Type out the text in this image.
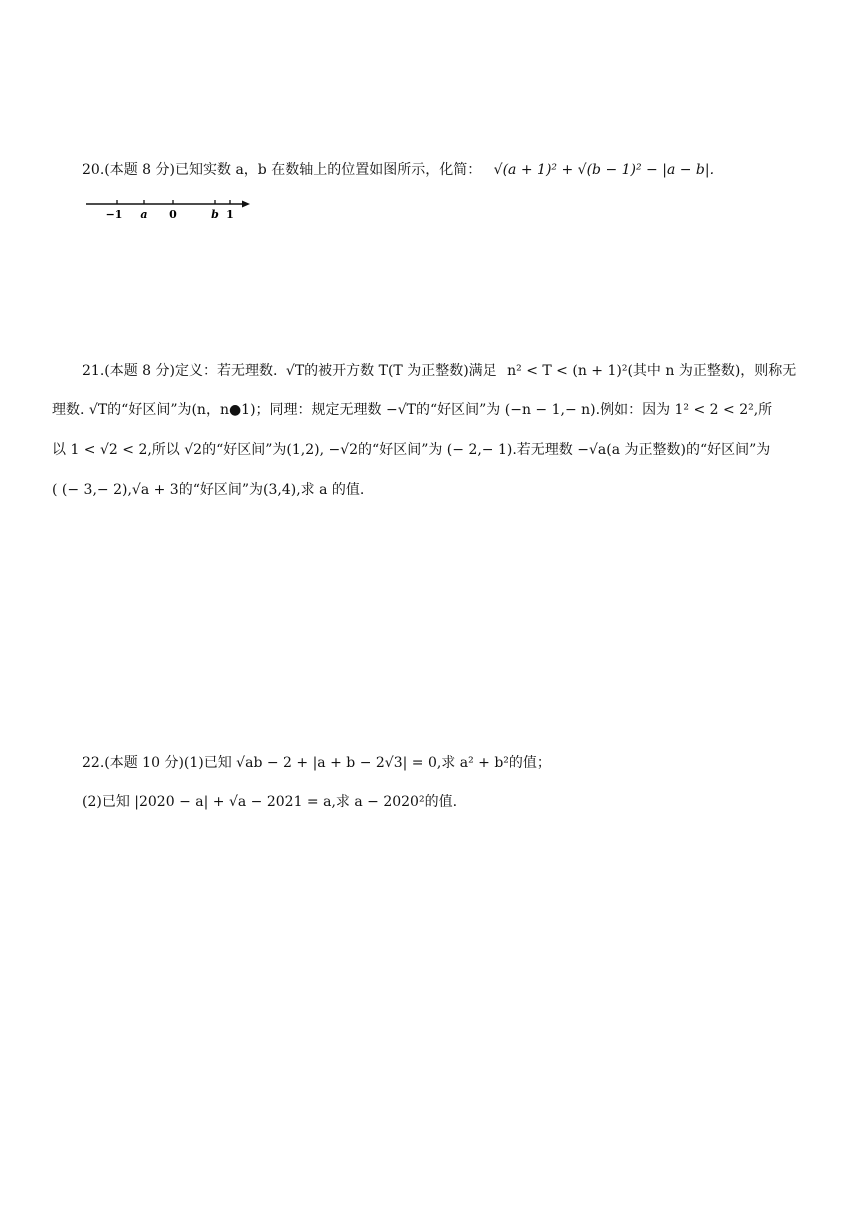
20.(本题 8 分)已知实数 a，b 在数轴上的位置如图所示，化简： √(a + 1)² + √(b − 1)² − |a − b|.
−1 a 0	b 1
21.(本题 8 分)定义：若无理数. √T的被开方数 T(T 为正整数)满足 n² < T < (n + 1)²(其中 n 为正整数)，则称无
理数. √T的“好区间”为(n，n●1)；同理：规定无理数 −√T的“好区间”为 (−n − 1,− n).例如：因为 1² < 2 < 2²,所
以 1 < √2 < 2,所以 √2的“好区间”为(1,2), −√2的“好区间”为 (− 2,− 1).若无理数 −√a(a 为正整数)的“好区间”为
( (− 3,− 2),√a + 3的“好区间”为(3,4),求 a 的值.
22.(本题 10 分)(1)已知 √ab − 2 + |a + b − 2√3| = 0,求 a² + b²的值；
(2)已知 |2020 − a| + √a − 2021 = a,求 a − 2020²的值.
